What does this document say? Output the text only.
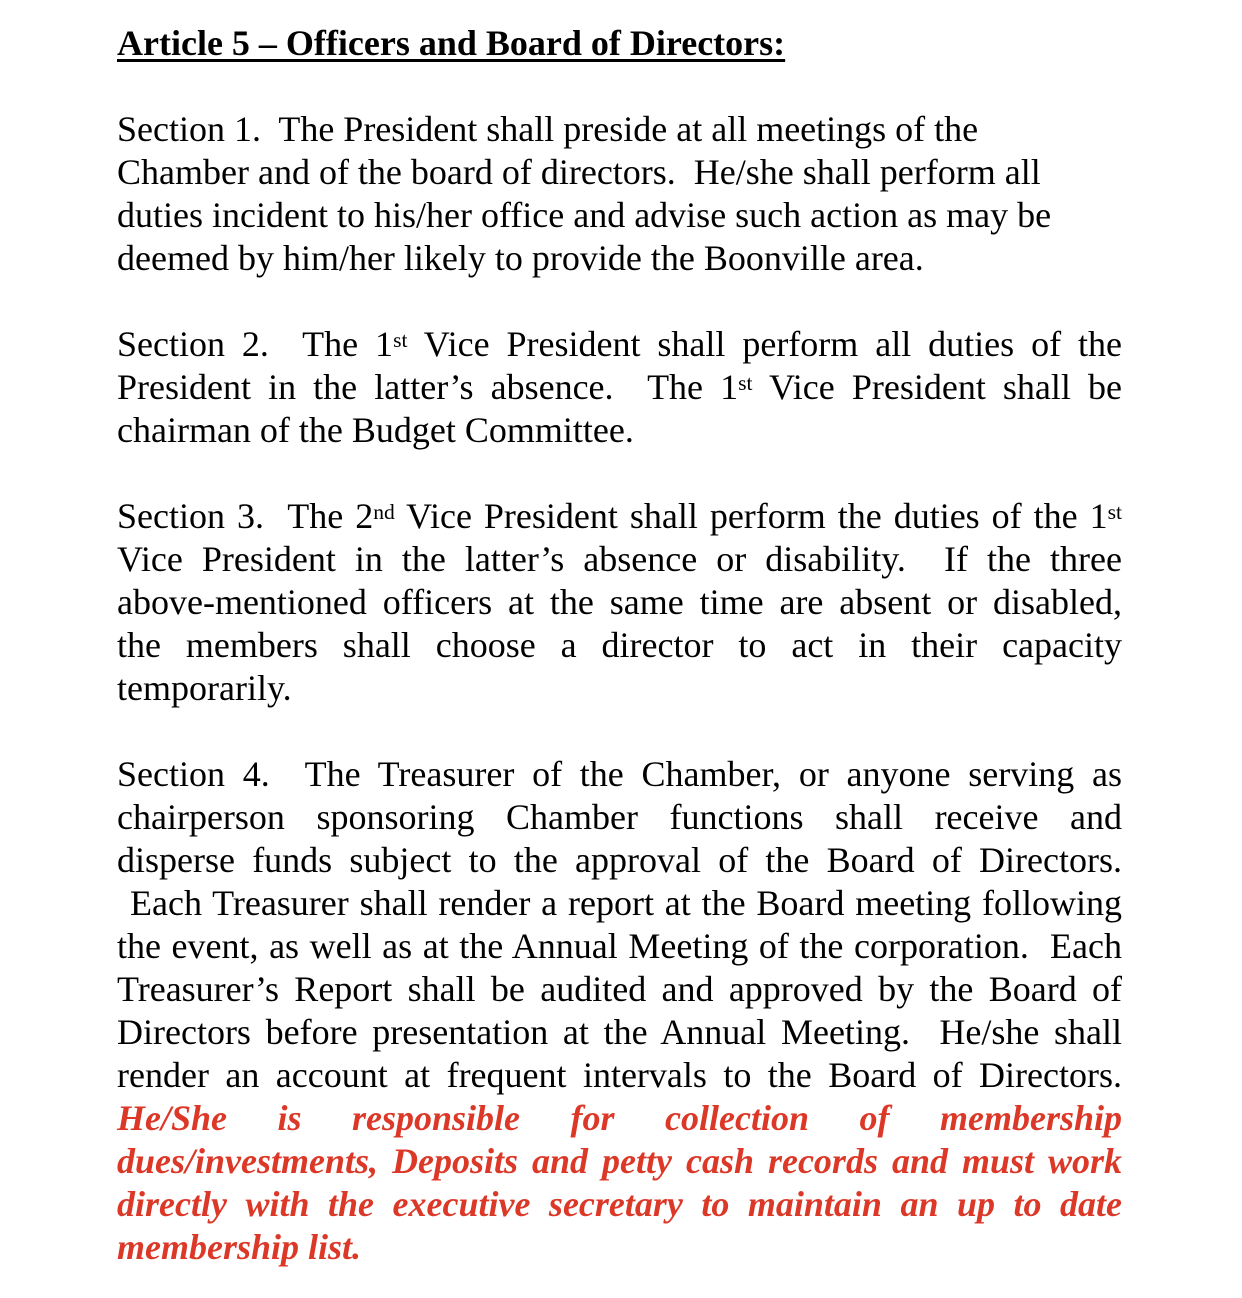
Article 5 – Officers and Board of Directors:
Section 1.  The President shall preside at all meetings of the
Chamber and of the board of directors.  He/she shall perform all
duties incident to his/her office and advise such action as may be
deemed by him/her likely to provide the Boonville area.
Section 2.  The 1st Vice President shall perform all duties of the
President in the latter’s absence.  The 1st Vice President shall be
chairman of the Budget Committee.
Section 3.  The 2nd Vice President shall perform the duties of the 1st
Vice President in the latter’s absence or disability.  If the three
above-mentioned officers at the same time are absent or disabled,
the members shall choose a director to act in their capacity
temporarily.
Section 4.  The Treasurer of the Chamber, or anyone serving as
chairperson sponsoring Chamber functions shall receive and
disperse funds subject to the approval of the Board of Directors.
Each Treasurer shall render a report at the Board meeting following
the event, as well as at the Annual Meeting of the corporation.  Each
Treasurer’s Report shall be audited and approved by the Board of
Directors before presentation at the Annual Meeting.  He/she shall
render an account at frequent intervals to the Board of Directors.
He/She is responsible for collection of membership
dues/investments, Deposits and petty cash records and must work
directly with the executive secretary to maintain an up to date
membership list.
